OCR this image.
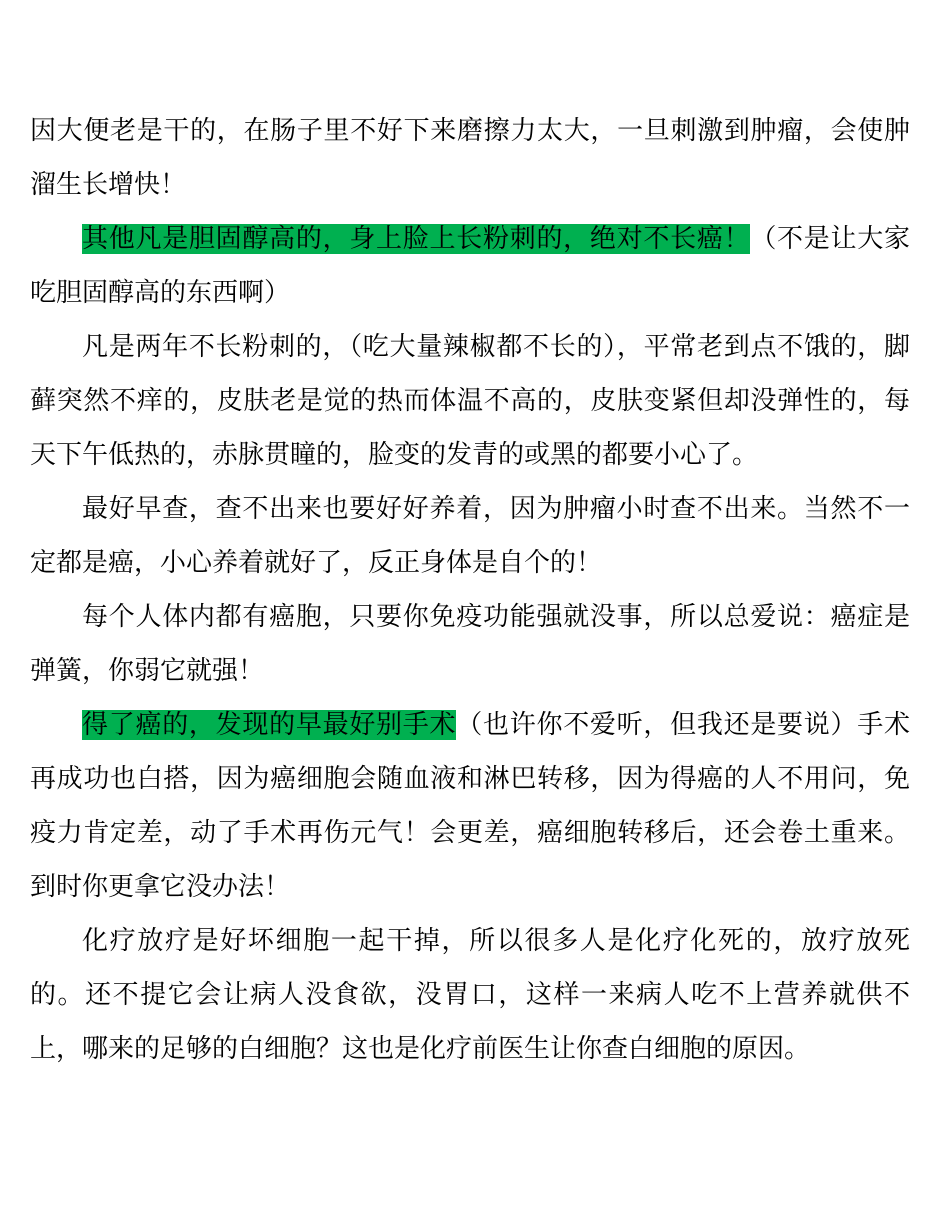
因大便老是干的，在肠子里不好下来磨擦力太大，一旦刺激到肿瘤，会使肿溜生长增快！

其他凡是胆固醇高的，身上脸上长粉刺的，绝对不长癌！（不是让大家吃胆固醇高的东西啊）

凡是两年不长粉刺的，（吃大量辣椒都不长的），平常老到点不饿的，脚藓突然不痒的，皮肤老是觉的热而体温不高的，皮肤变紧但却没弹性的，每天下午低热的，赤脉贯瞳的，脸变的发青的或黑的都要小心了。

最好早查，查不出来也要好好养着，因为肿瘤小时查不出来。当然不一定都是癌，小心养着就好了，反正身体是自个的！

每个人体内都有癌胞，只要你免疫功能强就没事，所以总爱说：癌症是弹簧，你弱它就强！

得了癌的，发现的早最好别手术（也许你不爱听，但我还是要说）手术再成功也白搭，因为癌细胞会随血液和淋巴转移，因为得癌的人不用问，免疫力肯定差，动了手术再伤元气！会更差，癌细胞转移后，还会卷土重来。到时你更拿它没办法！

化疗放疗是好坏细胞一起干掉，所以很多人是化疗化死的，放疗放死的。还不提它会让病人没食欲，没胃口，这样一来病人吃不上营养就供不上，哪来的足够的白细胞？这也是化疗前医生让你查白细胞的原因。
